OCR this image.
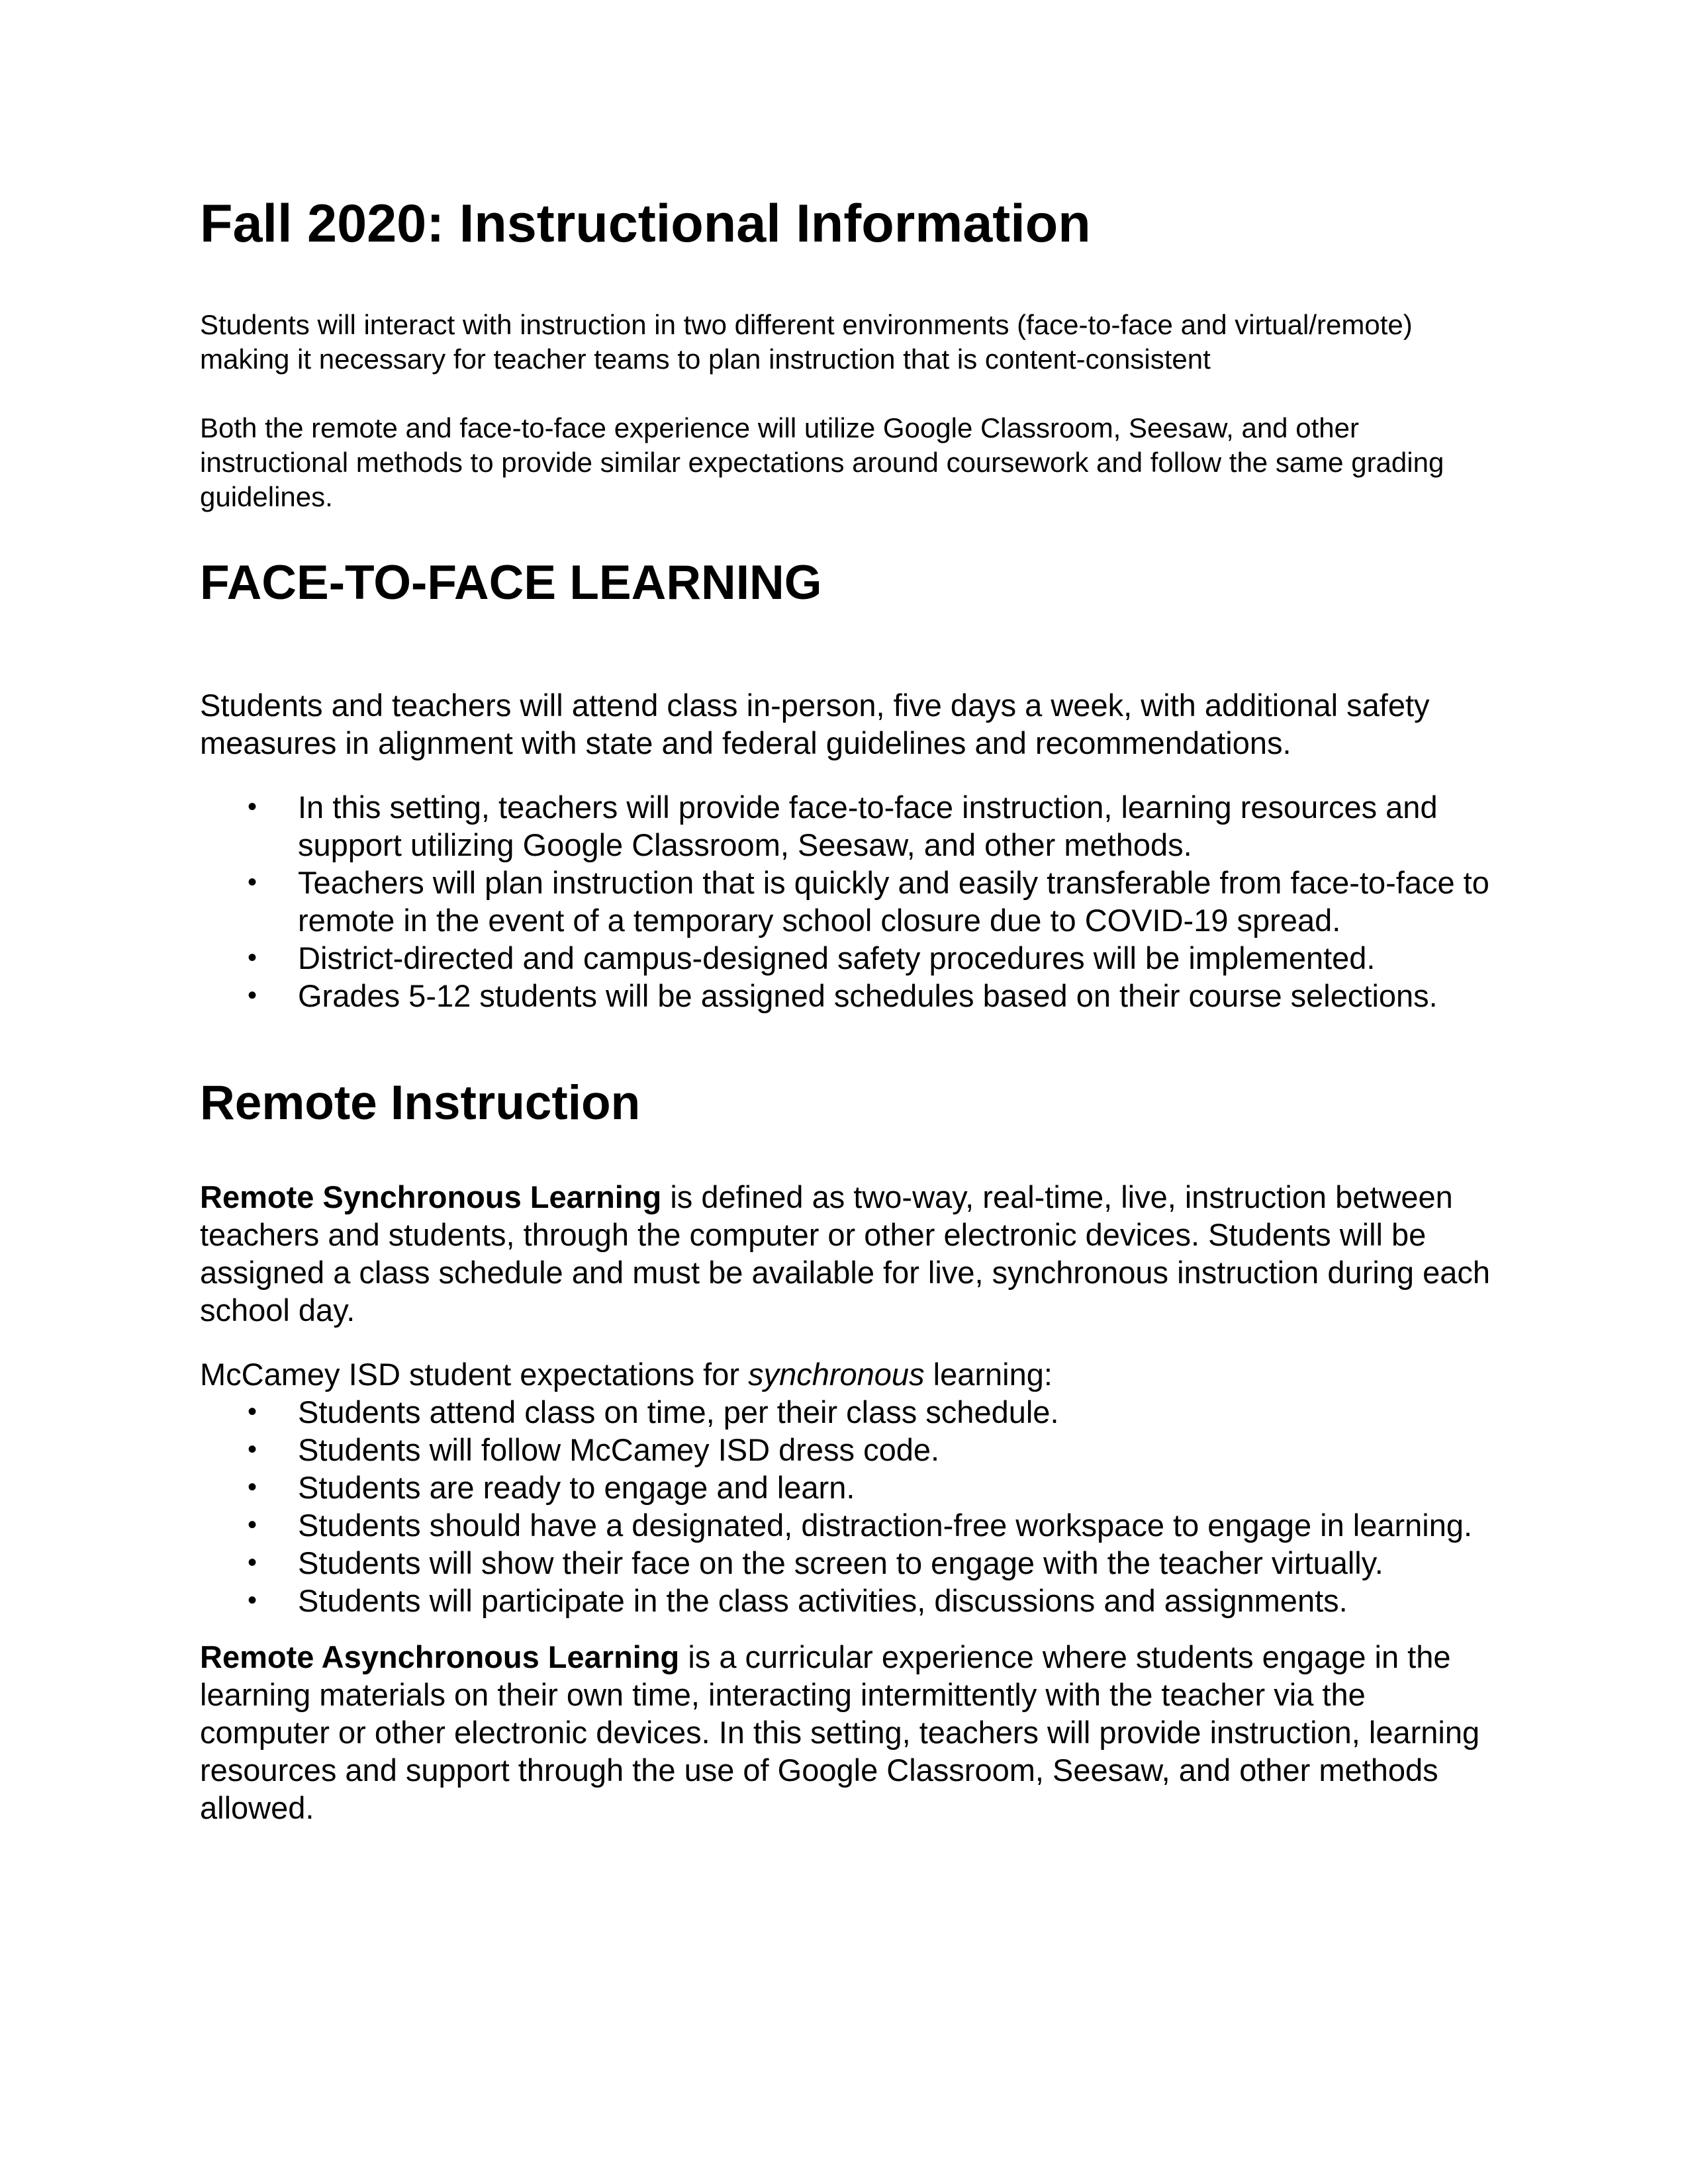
Fall 2020: Instructional Information

Students will interact with instruction in two different environments (face-to-face and virtual/remote) making it necessary for teacher teams to plan instruction that is content-consistent

Both the remote and face-to-face experience will utilize Google Classroom, Seesaw, and other instructional methods to provide similar expectations around coursework and follow the same grading guidelines.

FACE-TO-FACE LEARNING

Students and teachers will attend class in-person, five days a week, with additional safety measures in alignment with state and federal guidelines and recommendations.

• In this setting, teachers will provide face-to-face instruction, learning resources and support utilizing Google Classroom, Seesaw, and other methods.
• Teachers will plan instruction that is quickly and easily transferable from face-to-face to remote in the event of a temporary school closure due to COVID-19 spread.
• District-directed and campus-designed safety procedures will be implemented.
• Grades 5-12 students will be assigned schedules based on their course selections.
Remote Instruction

Remote Synchronous Learning is defined as two-way, real-time, live, instruction between teachers and students, through the computer or other electronic devices. Students will be assigned a class schedule and must be available for live, synchronous instruction during each school day.

McCamey ISD student expectations for synchronous learning:

• Students attend class on time, per their class schedule.
• Students will follow McCamey ISD dress code.
• Students are ready to engage and learn.
• Students should have a designated, distraction-free workspace to engage in learning.
• Students will show their face on the screen to engage with the teacher virtually.
• Students will participate in the class activities, discussions and assignments.

Remote Asynchronous Learning is a curricular experience where students engage in the learning materials on their own time, interacting intermittently with the teacher via the computer or other electronic devices. In this setting, teachers will provide instruction, learning resources and support through the use of Google Classroom, Seesaw, and other methods allowed.
